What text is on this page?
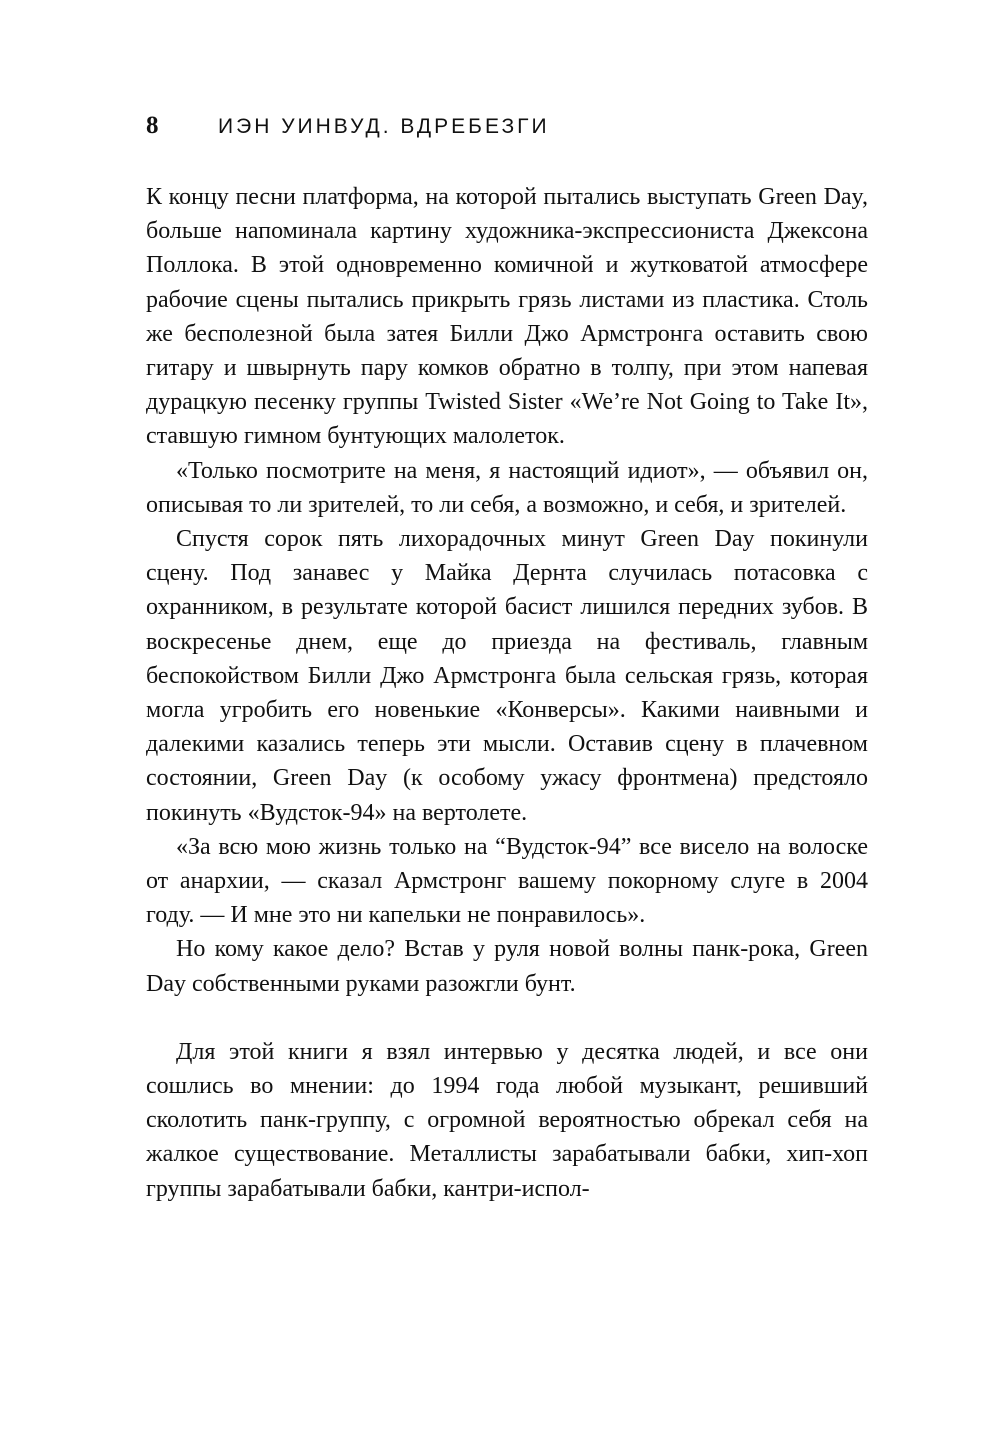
8	ИЭН УИНВУД. ВДРЕБЕЗГИ

К концу песни платформа, на которой пытались выступать Green Day, больше напоминала картину художника-экспрессиониста Джексона Поллока. В этой одновременно комичной и жутковатой атмосфере рабочие сцены пытались прикрыть грязь листами из пластика. Столь же бесполезной была затея Билли Джо Армстронга оставить свою гитару и швырнуть пару комков обратно в толпу, при этом напевая дурацкую песенку группы Twisted Sister «We’re Not Going to Take It», ставшую гимном бунтующих малолеток.

«Только посмотрите на меня, я настоящий идиот», — объявил он, описывая то ли зрителей, то ли себя, а возможно, и себя, и зрителей.

Спустя сорок пять лихорадочных минут Green Day покинули сцену. Под занавес у Майка Дернта случилась потасовка с охранником, в результате которой басист лишился передних зубов. В воскресенье днем, еще до приезда на фестиваль, главным беспокойством Билли Джо Армстронга была сельская грязь, которая могла угробить его новенькие «Конверсы». Какими наивными и далекими казались теперь эти мысли. Оставив сцену в плачевном состоянии, Green Day (к особому ужасу фронтмена) предстояло покинуть «Вудсток-94» на вертолете.

«За всю мою жизнь только на “Вудсток-94” все висело на волоске от анархии, — сказал Армстронг вашему покорному слуге в 2004 году. — И мне это ни капельки не понравилось».

Но кому какое дело? Встав у руля новой волны панк-рока, Green Day собственными руками разожгли бунт.

Для этой книги я взял интервью у десятка людей, и все они сошлись во мнении: до 1994 года любой музыкант, решивший сколотить панк-группу, с огромной вероятностью обрекал себя на жалкое существование. Металлисты зарабатывали бабки, хип-хоп группы зарабатывали бабки, кантри-испол-
